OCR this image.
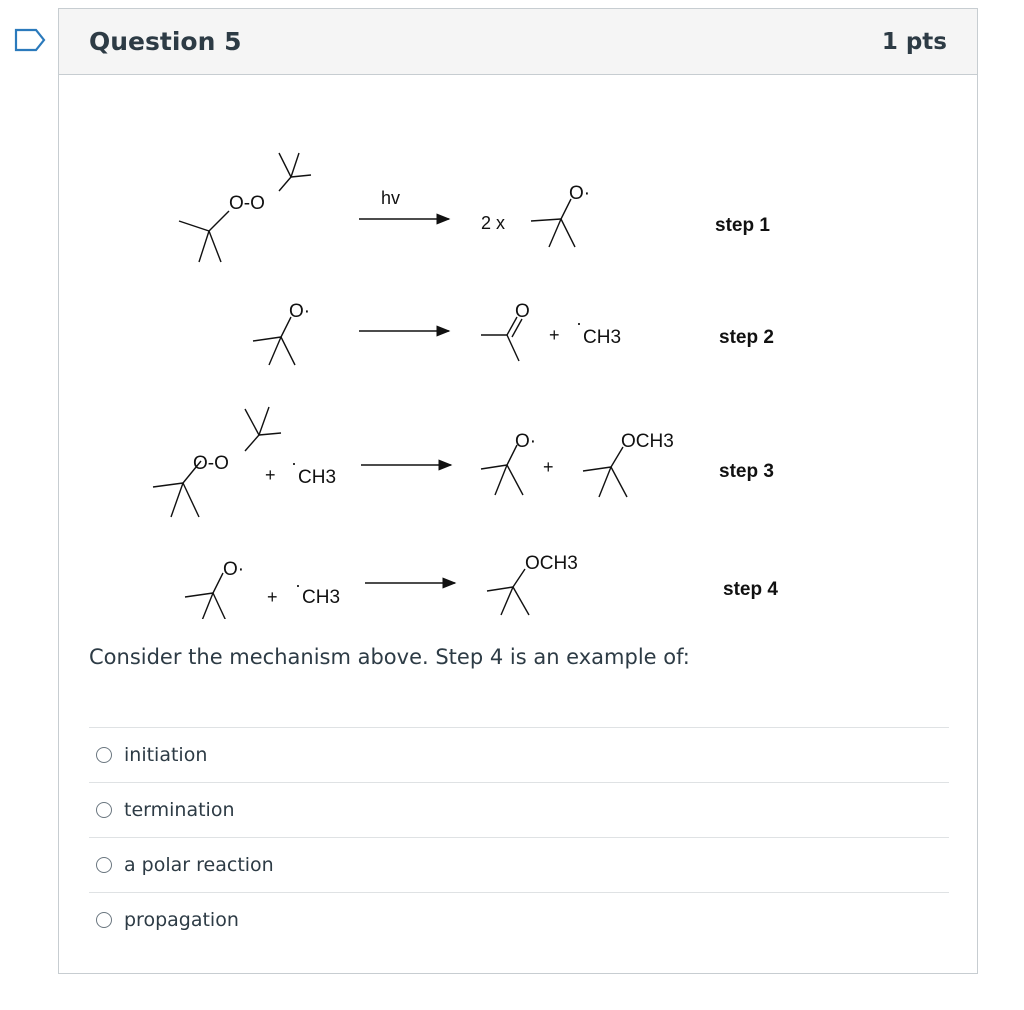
Question 5	1 pts
O-O	hv
2 x
O·
step 1
O·	O
+
·
CH3	step 2
O-O
+
·
CH3
O·
+
OCH3
step 3
O·
+
·
CH3
OCH3
step 4
Consider the mechanism above. Step 4 is an example of:
initiation
termination
a polar reaction
propagation
